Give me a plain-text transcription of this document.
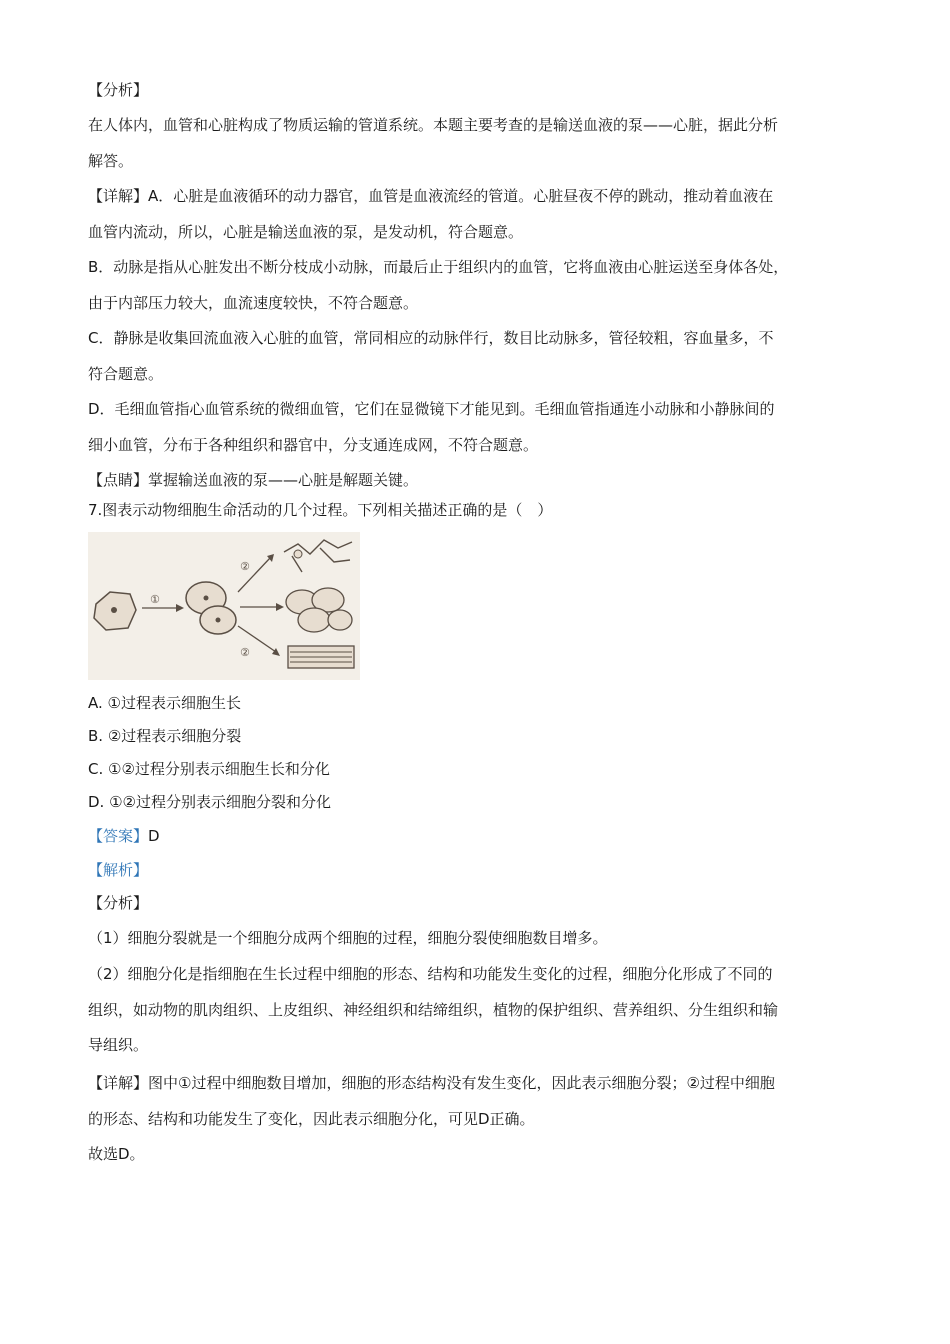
【分析】
在人体内，血管和心脏构成了物质运输的管道系统。本题主要考查的是输送血液的泵——心脏，据此分析
解答。
【详解】A．心脏是血液循环的动力器官，血管是血液流经的管道。心脏昼夜不停的跳动，推动着血液在
血管内流动，所以，心脏是输送血液的泵，是发动机，符合题意。
B．动脉是指从心脏发出不断分枝成小动脉，而最后止于组织内的血管，它将血液由心脏运送至身体各处，
由于内部压力较大，血流速度较快，不符合题意。
C．静脉是收集回流血液入心脏的血管，常同相应的动脉伴行，数目比动脉多，管径较粗，容血量多，不
符合题意。
D．毛细血管指心血管系统的微细血管，它们在显微镜下才能见到。毛细血管指通连小动脉和小静脉间的
细小血管，分布于各种组织和器官中，分支通连成网，不符合题意。
【点睛】掌握输送血液的泵——心脏是解题关键。
7.图表示动物细胞生命活动的几个过程。下列相关描述正确的是（　）
①
②
②
A. ①过程表示细胞生长
B. ②过程表示细胞分裂
C. ①②过程分别表示细胞生长和分化
D. ①②过程分别表示细胞分裂和分化
【答案】D
【解析】
【分析】
（1）细胞分裂就是一个细胞分成两个细胞的过程，细胞分裂使细胞数目增多。
（2）细胞分化是指细胞在生长过程中细胞的形态、结构和功能发生变化的过程，细胞分化形成了不同的
组织，如动物的肌肉组织、上皮组织、神经组织和结缔组织，植物的保护组织、营养组织、分生组织和输
导组织。
【详解】图中①过程中细胞数目增加，细胞的形态结构没有发生变化，因此表示细胞分裂；②过程中细胞
的形态、结构和功能发生了变化，因此表示细胞分化，可见D正确。
故选D。
